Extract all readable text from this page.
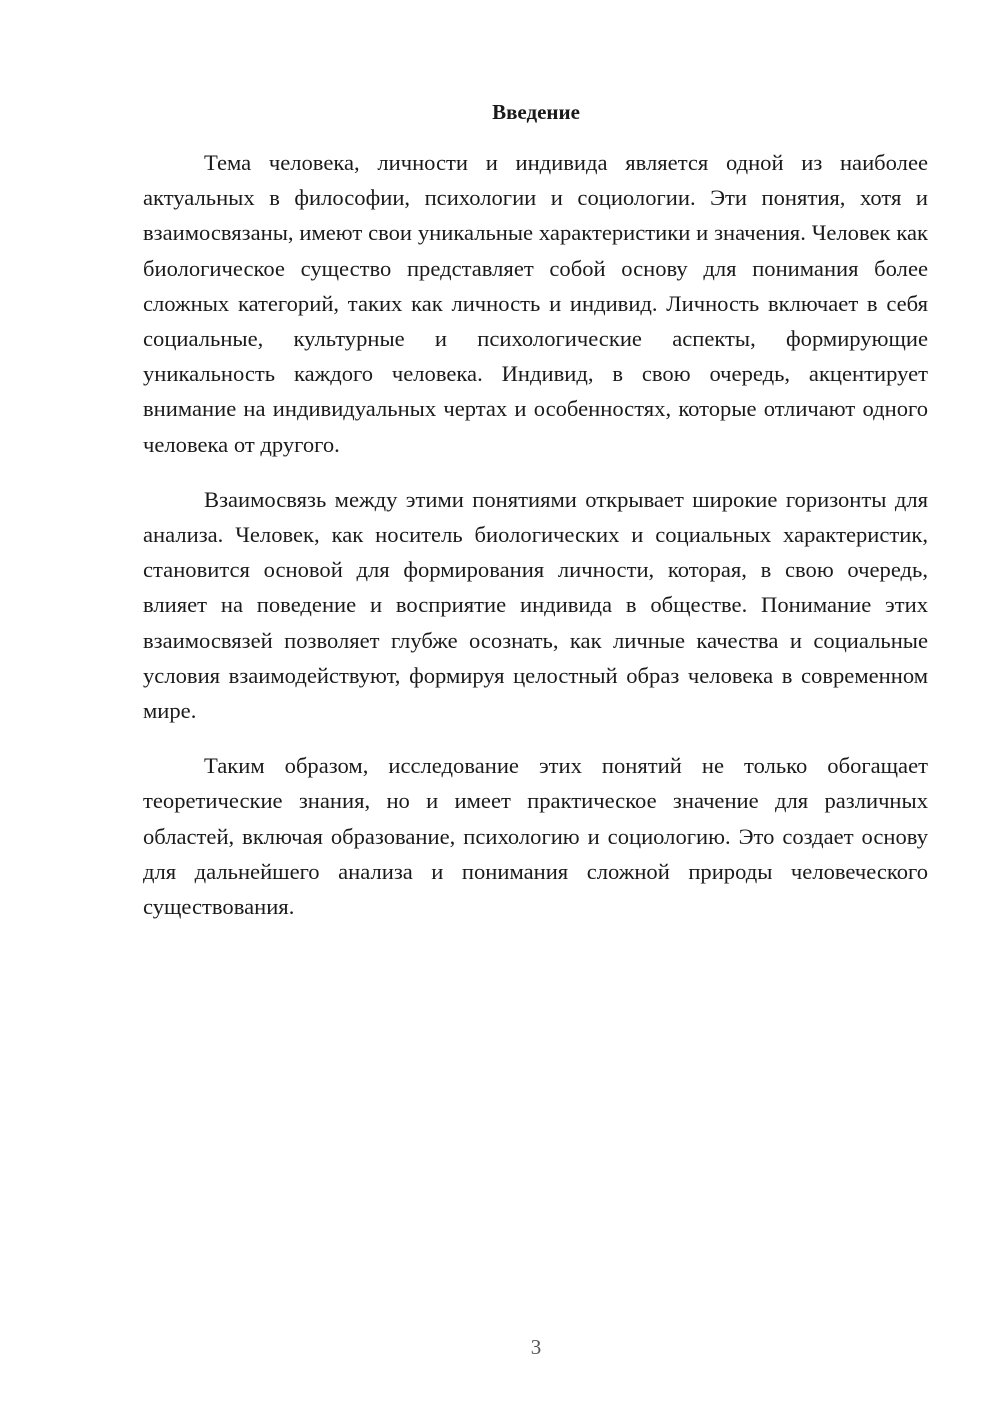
Введение

Тема человека, личности и индивида является одной из наиболее актуальных в философии, психологии и социологии. Эти понятия, хотя и взаимосвязаны, имеют свои уникальные характеристики и значения. Человек как биологическое существо представляет собой основу для понимания более сложных категорий, таких как личность и индивид. Личность включает в себя социальные, культурные и психологические аспекты, формирующие уникальность каждого человека. Индивид, в свою очередь, акцентирует внимание на индивидуальных чертах и особенностях, которые отличают одного человека от другого.

Взаимосвязь между этими понятиями открывает широкие горизонты для анализа. Человек, как носитель биологических и социальных характеристик, становится основой для формирования личности, которая, в свою очередь, влияет на поведение и восприятие индивида в обществе. Понимание этих взаимосвязей позволяет глубже осознать, как личные качества и социальные условия взаимодействуют, формируя целостный образ человека в современном мире.

Таким образом, исследование этих понятий не только обогащает теоретические знания, но и имеет практическое значение для различных областей, включая образование, психологию и социологию. Это создает основу для дальнейшего анализа и понимания сложной природы человеческого существования.

3
